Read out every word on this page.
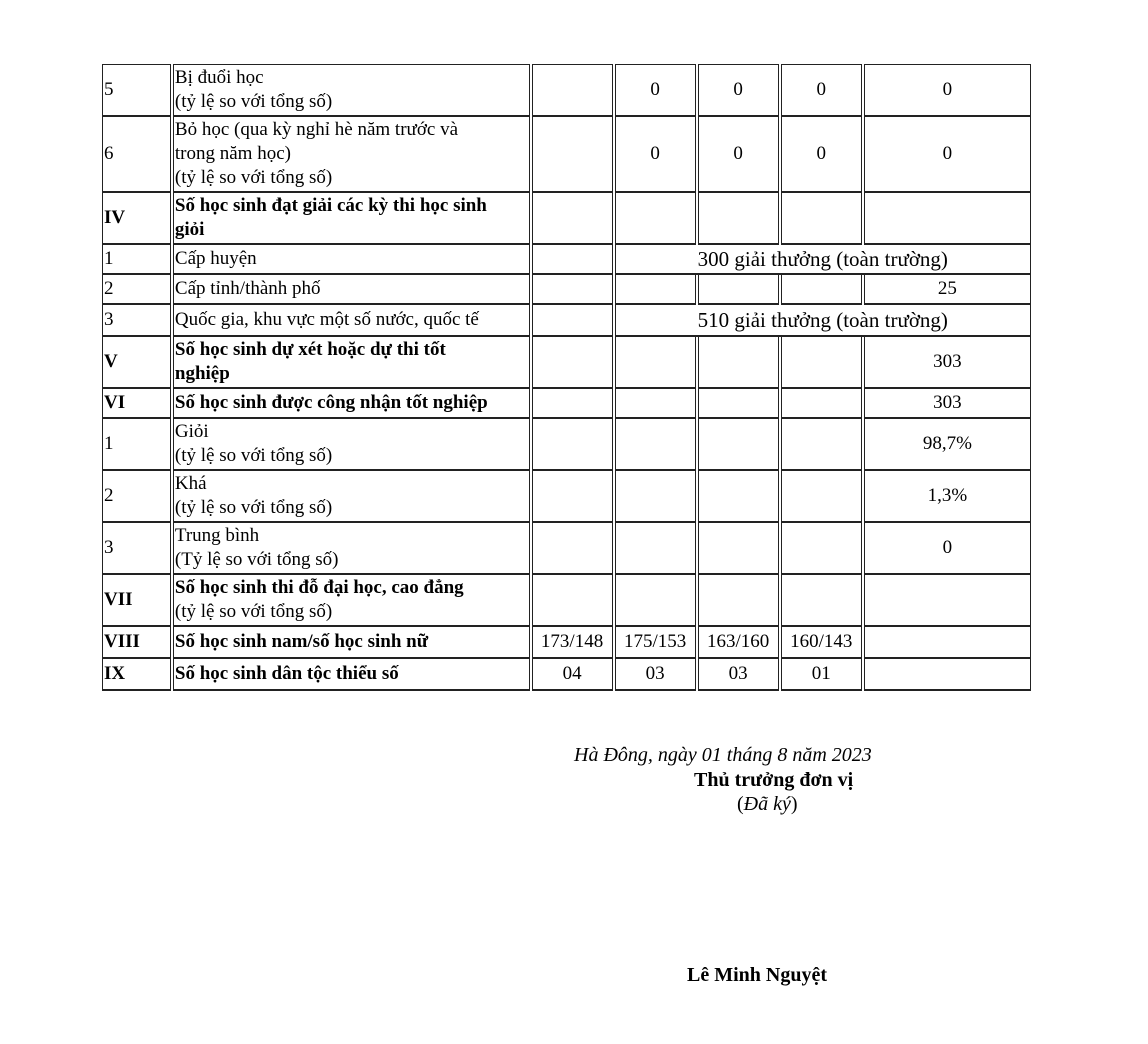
5	Bị đuổi học
(tỷ lệ so với tổng số)		0	0	0	0
6	Bỏ học (qua kỳ nghỉ hè năm trước và
trong năm học)
(tỷ lệ so với tổng số)		0	0	0	0
IV	Số học sinh đạt giải các kỳ thi học sinh
giỏi					

1	Cấp huyện		300 giải thưởng (toàn trường)			
2	Cấp tỉnh/thành phố					25
3	Quốc gia, khu vực một số nước, quốc tế		510 giải thưởng (toàn trường)			
V	Số học sinh dự xét hoặc dự thi tốt
nghiệp					303
VI	Số học sinh được công nhận tốt nghiệp					303
1	Giỏi
(tỷ lệ so với tổng số)					98,7%
2	Khá
(tỷ lệ so với tổng số)					1,3%
3	Trung bình
(Tỷ lệ so với tổng số)					0
VII	Số học sinh thi đỗ đại học, cao đẳng
(tỷ lệ so với tổng số)					

VIII	Số học sinh nam/số học sinh nữ	173/148	175/153	163/160	160/143	
IX	Số học sinh dân tộc thiểu số	04	03	03	01	
Hà Đông, ngày 01 tháng 8 năm 2023
Thủ trưởng đơn vị
(Đã ký)
Lê Minh Nguyệt
